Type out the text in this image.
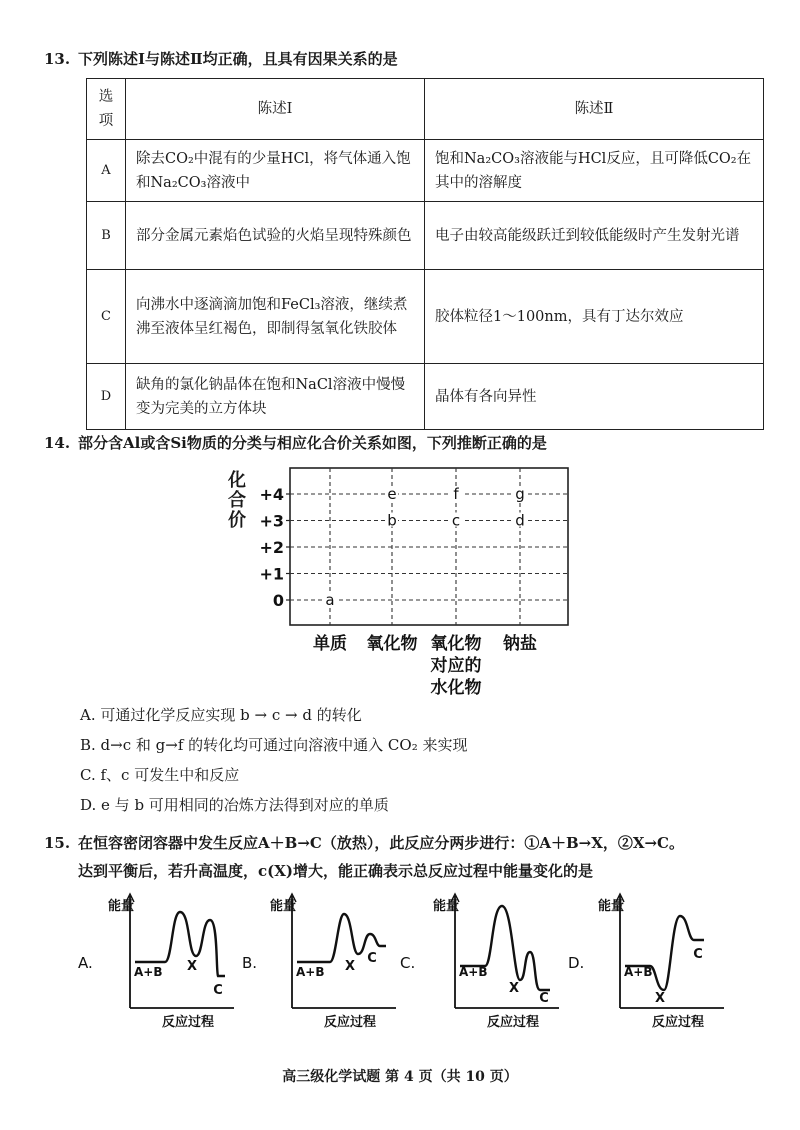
13. 下列陈述Ⅰ与陈述Ⅱ均正确，且具有因果关系的是
选项	陈述Ⅰ	陈述Ⅱ
A	除去CO₂中混有的少量HCl，将气体通入饱和Na₂CO₃溶液中	饱和Na₂CO₃溶液能与HCl反应，且可降低CO₂在其中的溶解度
B	部分金属元素焰色试验的火焰呈现特殊颜色	电子由较高能级跃迁到较低能级时产生发射光谱
C	向沸水中逐滴滴加饱和FeCl₃溶液，继续煮沸至液体呈红褐色，即制得氢氧化铁胶体	胶体粒径1～100nm，具有丁达尔效应
D	缺角的氯化钠晶体在饱和NaCl溶液中慢慢变为完美的立方体块	晶体有各向异性
14. 部分含Al或含Si物质的分类与相应化合价关系如图，下列推断正确的是
化合价 +4
+3
+2
+1
0
单质 氧化物 氧化物
对应的
水化物
钠盐
a
b
e
c
f
d
g
A. 可通过化学反应实现 b → c → d 的转化
B. d→c 和 g→f 的转化均可通过向溶液中通入 CO₂ 来实现
C. f、c 可发生中和反应
D. e 与 b 可用相同的冶炼方法得到对应的单质
15. 在恒容密闭容器中发生反应A＋B→C（放热），此反应分两步进行：①A＋B→X，②X→C。
达到平衡后，若升高温度，c(X)增大，能正确表示总反应过程中能量变化的是
能量
反应过程
A+B X
C
A.
能量
反应过程
A+B X
C
B.
能量
反应过程
A+B
X
C
C.
能量
反应过程
A+B
X
C
D.
高三级化学试题 第 4 页（共 10 页）
